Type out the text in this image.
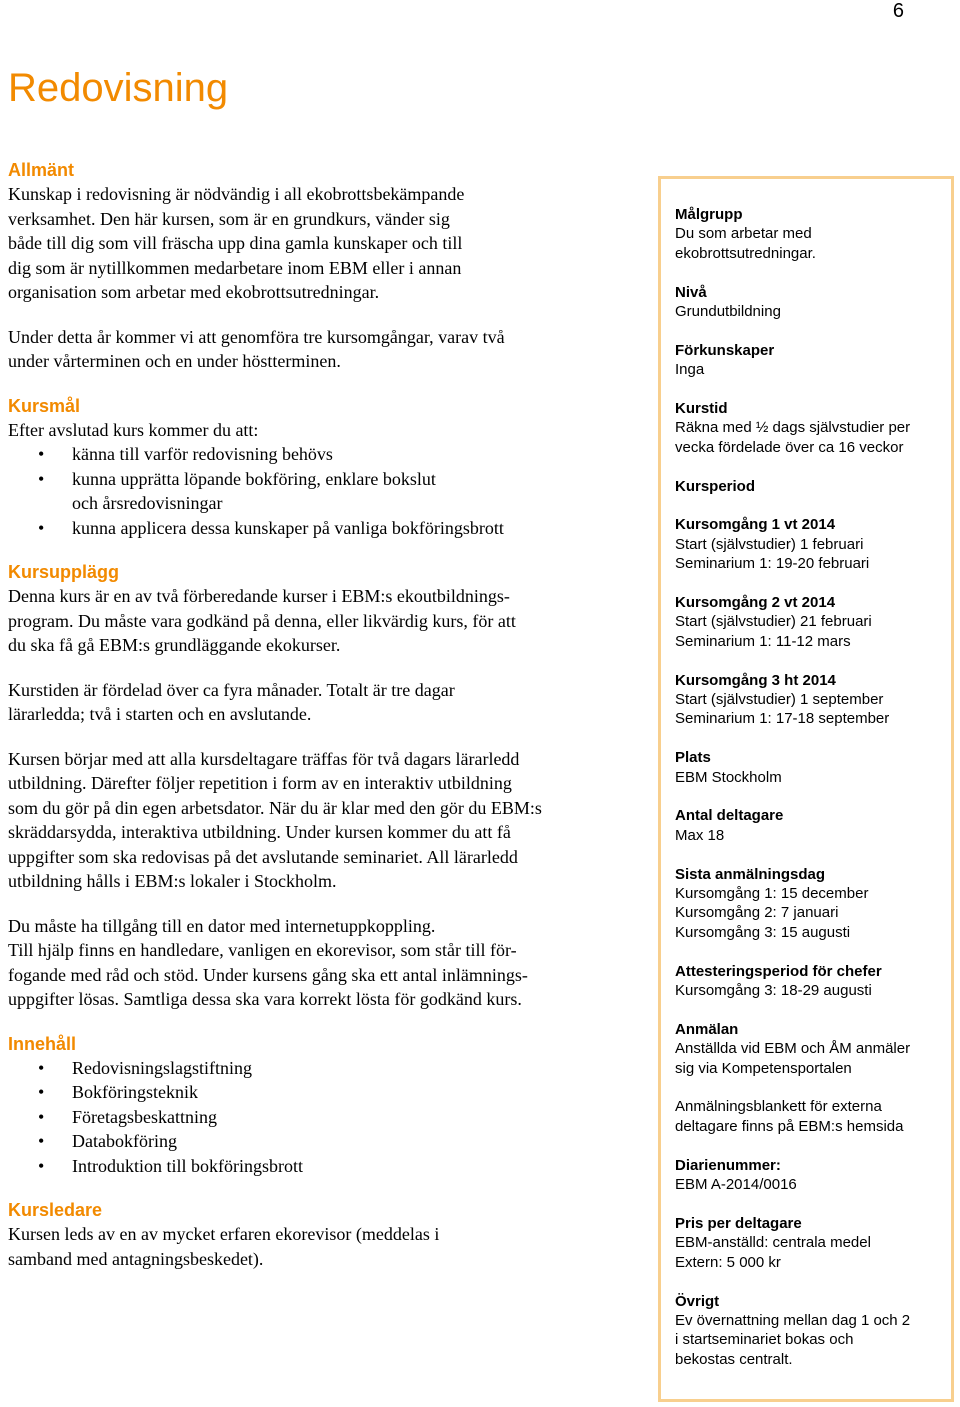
6
Redovisning
Allmänt

Kunskap i redovisning är nödvändig i all ekobrottsbekämpande
verksamhet. Den här kursen, som är en grundkurs, vänder sig
både till dig som vill fräscha upp dina gamla kunskaper och till
dig som är nytillkommen medarbetare inom EBM eller i annan
organisation som arbetar med ekobrottsutredningar.

Under detta år kommer vi att genomföra tre kursomgångar, varav två
under vårterminen och en under höstterminen.

Kursmål

Efter avslutad kurs kommer du att:

• känna till varför redovisning behövs
• kunna upprätta löpande bokföring, enklare bokslut
och årsredovisningar
• kunna applicera dessa kunskaper på vanliga bokföringsbrott
Kursupplägg

Denna kurs är en av två förberedande kurser i EBM:s ekoutbildnings-
program. Du måste vara godkänd på denna, eller likvärdig kurs, för att
du ska få gå EBM:s grundläggande ekokurser.

Kurstiden är fördelad över ca fyra månader. Totalt är tre dagar
lärarledda; två i starten och en avslutande.

Kursen börjar med att alla kursdeltagare träffas för två dagars lärarledd
utbildning. Därefter följer repetition i form av en interaktiv utbildning
som du gör på din egen arbetsdator. När du är klar med den gör du EBM:s
skräddarsydda, interaktiva utbildning. Under kursen kommer du att få
uppgifter som ska redovisas på det avslutande seminariet. All lärarledd
utbildning hålls i EBM:s lokaler i Stockholm.

Du måste ha tillgång till en dator med internetuppkoppling.
Till hjälp finns en handledare, vanligen en ekorevisor, som står till för-
fogande med råd och stöd. Under kursens gång ska ett antal inlämnings-
uppgifter lösas. Samtliga dessa ska vara korrekt lösta för godkänd kurs.

Innehåll
• Redovisningslagstiftning
• Bokföringsteknik
• Företagsbeskattning
• Databokföring
• Introduktion till bokföringsbrott
Kursledare

Kursen leds av en av mycket erfaren ekorevisor (meddelas i
samband med antagningsbeskedet).

Målgrupp
Du som arbetar med
ekobrottsutredningar.
Nivå
Grundutbildning
Förkunskaper
Inga
Kurstid
Räkna med ½ dags självstudier per
vecka fördelade över ca 16 veckor
Kursperiod
Kursomgång 1 vt 2014
Start (självstudier) 1 februari
Seminarium 1: 19-20 februari
Kursomgång 2 vt 2014
Start (självstudier) 21 februari
Seminarium 1: 11-12 mars
Kursomgång 3 ht 2014
Start (självstudier) 1 september
Seminarium 1: 17-18 september
Plats
EBM Stockholm
Antal deltagare
Max 18
Sista anmälningsdag
Kursomgång 1: 15 december
Kursomgång 2: 7 januari
Kursomgång 3: 15 augusti
Attesteringsperiod för chefer
Kursomgång 3: 18-29 augusti
Anmälan
Anställda vid EBM och ÅM anmäler
sig via Kompetensportalen
Anmälningsblankett för externa
deltagare finns på EBM:s hemsida
Diarienummer:
EBM A-2014/0016
Pris per deltagare
EBM-anställd: centrala medel
Extern: 5 000 kr
Övrigt
Ev övernattning mellan dag 1 och 2
i startseminariet bokas och
bekostas centralt.
